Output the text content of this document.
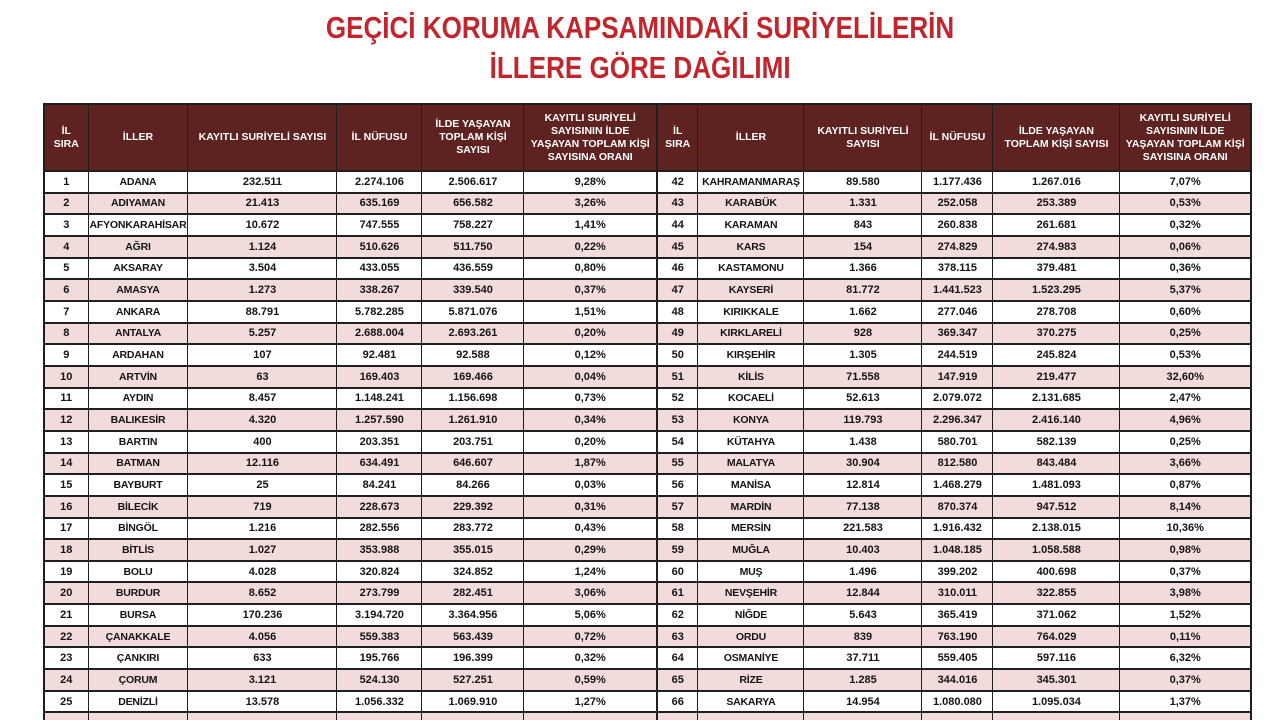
GEÇİCİ KORUMA KAPSAMINDAKİ SURİYELİLERİN
İLLERE GÖRE DAĞILIMI
İL SIRA	İLLER	KAYITLI SURİYELİ SAYISI	İL NÜFUSU	İLDE YAŞAYAN TOPLAM KİŞİ SAYISI	KAYITLI SURİYELİ SAYISININ İLDE YAŞAYAN TOPLAM KİŞİ SAYISINA ORANI
1	ADANA	232.511	2.274.106	2.506.617	9,28%
2	ADIYAMAN	21.413	635.169	656.582	3,26%
3	AFYONKARAHİSAR	10.672	747.555	758.227	1,41%
4	AĞRI	1.124	510.626	511.750	0,22%
5	AKSARAY	3.504	433.055	436.559	0,80%
6	AMASYA	1.273	338.267	339.540	0,37%
7	ANKARA	88.791	5.782.285	5.871.076	1,51%
8	ANTALYA	5.257	2.688.004	2.693.261	0,20%
9	ARDAHAN	107	92.481	92.588	0,12%
10	ARTVİN	63	169.403	169.466	0,04%
11	AYDIN	8.457	1.148.241	1.156.698	0,73%
12	BALIKESİR	4.320	1.257.590	1.261.910	0,34%
13	BARTIN	400	203.351	203.751	0,20%
14	BATMAN	12.116	634.491	646.607	1,87%
15	BAYBURT	25	84.241	84.266	0,03%
16	BİLECİK	719	228.673	229.392	0,31%
17	BİNGÖL	1.216	282.556	283.772	0,43%
18	BİTLİS	1.027	353.988	355.015	0,29%
19	BOLU	4.028	320.824	324.852	1,24%
20	BURDUR	8.652	273.799	282.451	3,06%
21	BURSA	170.236	3.194.720	3.364.956	5,06%
22	ÇANAKKALE	4.056	559.383	563.439	0,72%
23	ÇANKIRI	633	195.766	196.399	0,32%
24	ÇORUM	3.121	524.130	527.251	0,59%
25	DENİZLİ	13.578	1.056.332	1.069.910	1,27%

İL SIRA	İLLER	KAYITLI SURİYELİ SAYISI	İL NÜFUSU	İLDE YAŞAYAN TOPLAM KİŞİ SAYISI	KAYITLI SURİYELİ SAYISININ İLDE YAŞAYAN TOPLAM KİŞİ SAYISINA ORANI
42	KAHRAMANMARAŞ	89.580	1.177.436	1.267.016	7,07%
43	KARABÜK	1.331	252.058	253.389	0,53%
44	KARAMAN	843	260.838	261.681	0,32%
45	KARS	154	274.829	274.983	0,06%
46	KASTAMONU	1.366	378.115	379.481	0,36%
47	KAYSERİ	81.772	1.441.523	1.523.295	5,37%
48	KIRIKKALE	1.662	277.046	278.708	0,60%
49	KIRKLARELİ	928	369.347	370.275	0,25%
50	KIRŞEHİR	1.305	244.519	245.824	0,53%
51	KİLİS	71.558	147.919	219.477	32,60%
52	KOCAELİ	52.613	2.079.072	2.131.685	2,47%
53	KONYA	119.793	2.296.347	2.416.140	4,96%
54	KÜTAHYA	1.438	580.701	582.139	0,25%
55	MALATYA	30.904	812.580	843.484	3,66%
56	MANİSA	12.814	1.468.279	1.481.093	0,87%
57	MARDİN	77.138	870.374	947.512	8,14%
58	MERSİN	221.583	1.916.432	2.138.015	10,36%
59	MUĞLA	10.403	1.048.185	1.058.588	0,98%
60	MUŞ	1.496	399.202	400.698	0,37%
61	NEVŞEHİR	12.844	310.011	322.855	3,98%
62	NİĞDE	5.643	365.419	371.062	1,52%
63	ORDU	839	763.190	764.029	0,11%
64	OSMANİYE	37.711	559.405	597.116	6,32%
65	RİZE	1.285	344.016	345.301	0,37%
66	SAKARYA	14.954	1.080.080	1.095.034	1,37%
